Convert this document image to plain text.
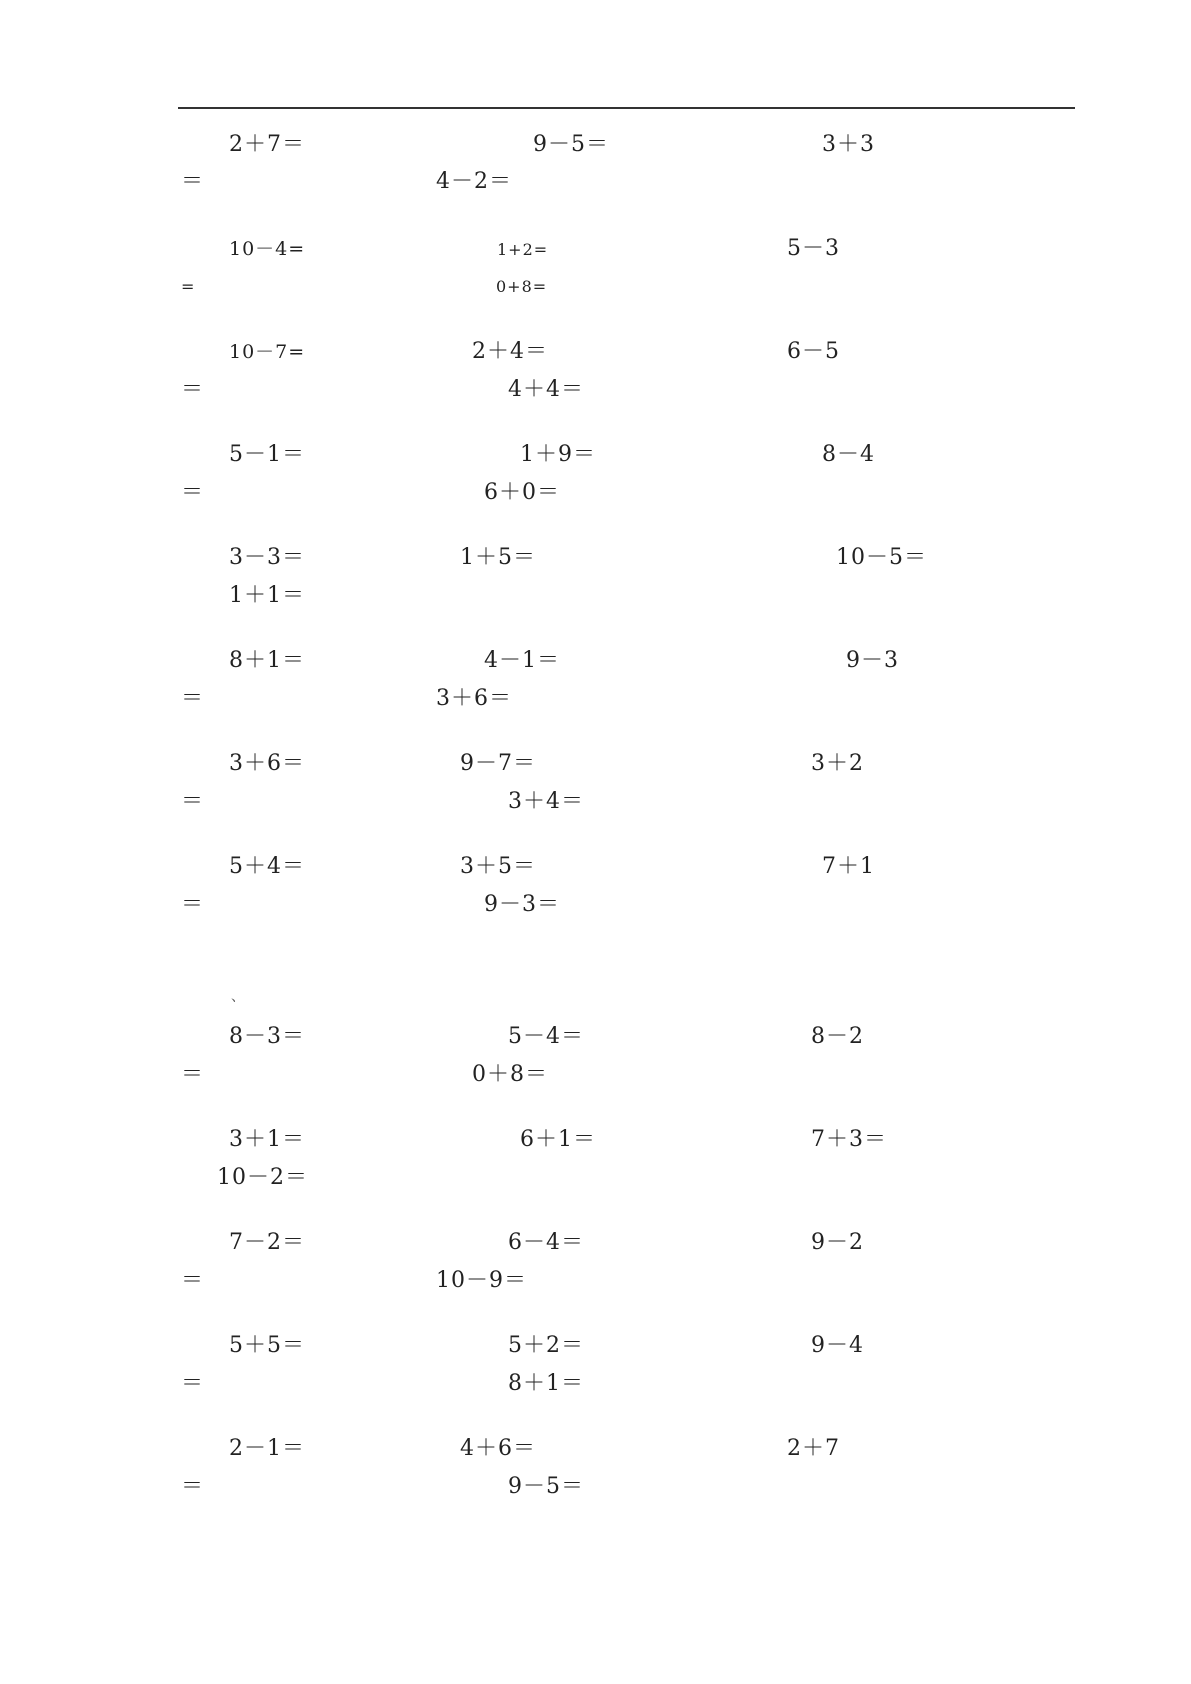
2＋7＝	9－5＝	3＋3
＝	4－2＝
10－4=	1+2=	5－3
=	0+8=
10－7=	2＋4＝	6－5
＝	4＋4＝
5－1＝	1＋9＝	8－4
＝	6＋0＝
3－3＝	1＋5＝	10－5＝
1＋1＝
8＋1＝	4－1＝	9－3
＝	3＋6＝
3＋6＝	9－7＝	3＋2
＝	3＋4＝
5＋4＝	3＋5＝	7＋1
＝	9－3＝
、
8－3＝	5－4＝	8－2
＝	0＋8＝
3＋1＝	6＋1＝	7＋3＝
10－2＝
7－2＝	6－4＝	9－2
＝	10－9＝
5＋5＝	5＋2＝	9－4
＝	8＋1＝
2－1＝	4＋6＝	2＋7
＝	9－5＝
